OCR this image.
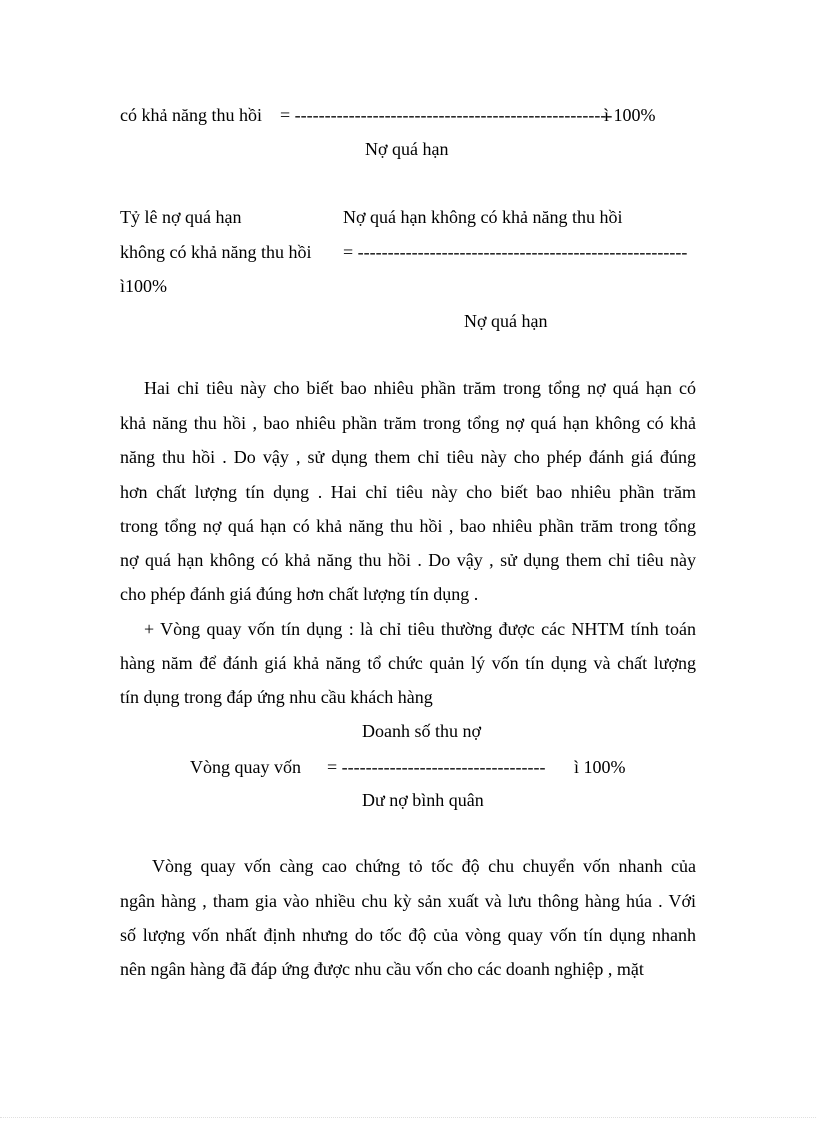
có khả năng thu hồi = -----------------------------------------------------
ì 100%
Nợ quá hạn
Tỷ lê nợ quá hạn	Nợ quá hạn không có khả năng thu hồi
không có khả năng thu hồi = -------------------------------------------------------
ì100%
Nợ quá hạn
Hai chỉ tiêu này cho biết bao nhiêu phần trăm trong tổng nợ quá hạn có
khả năng thu hồi , bao nhiêu phần trăm trong tổng nợ quá hạn không có khả
năng thu hồi . Do vậy , sử dụng them chỉ tiêu này cho phép đánh giá đúng
hơn chất lượng tín dụng . Hai chỉ tiêu này cho biết bao nhiêu phần trăm
trong tổng nợ quá hạn có khả năng thu hồi , bao nhiêu phần trăm trong tổng
nợ quá hạn không có khả năng thu hồi . Do vậy , sử dụng them chỉ tiêu này
cho phép đánh giá đúng hơn chất lượng tín dụng .
+ Vòng quay vốn tín dụng : là chỉ tiêu thường được các NHTM tính toán
hàng năm để đánh giá khả năng tổ chức quản lý vốn tín dụng và chất lượng
tín dụng trong đáp ứng nhu cầu khách hàng
Doanh số thu nợ
Vòng quay vốn = ---------------------------------- ì 100%
Dư nợ bình quân
Vòng quay vốn càng cao chứng tỏ tốc độ chu chuyển vốn nhanh của
ngân hàng , tham gia vào nhiều chu kỳ sản xuất và lưu thông hàng húa . Với
số lượng vốn nhất định nhưng do tốc độ của vòng quay vốn tín dụng nhanh
nên ngân hàng đã đáp ứng được nhu cầu vốn cho các doanh nghiệp , mặt
